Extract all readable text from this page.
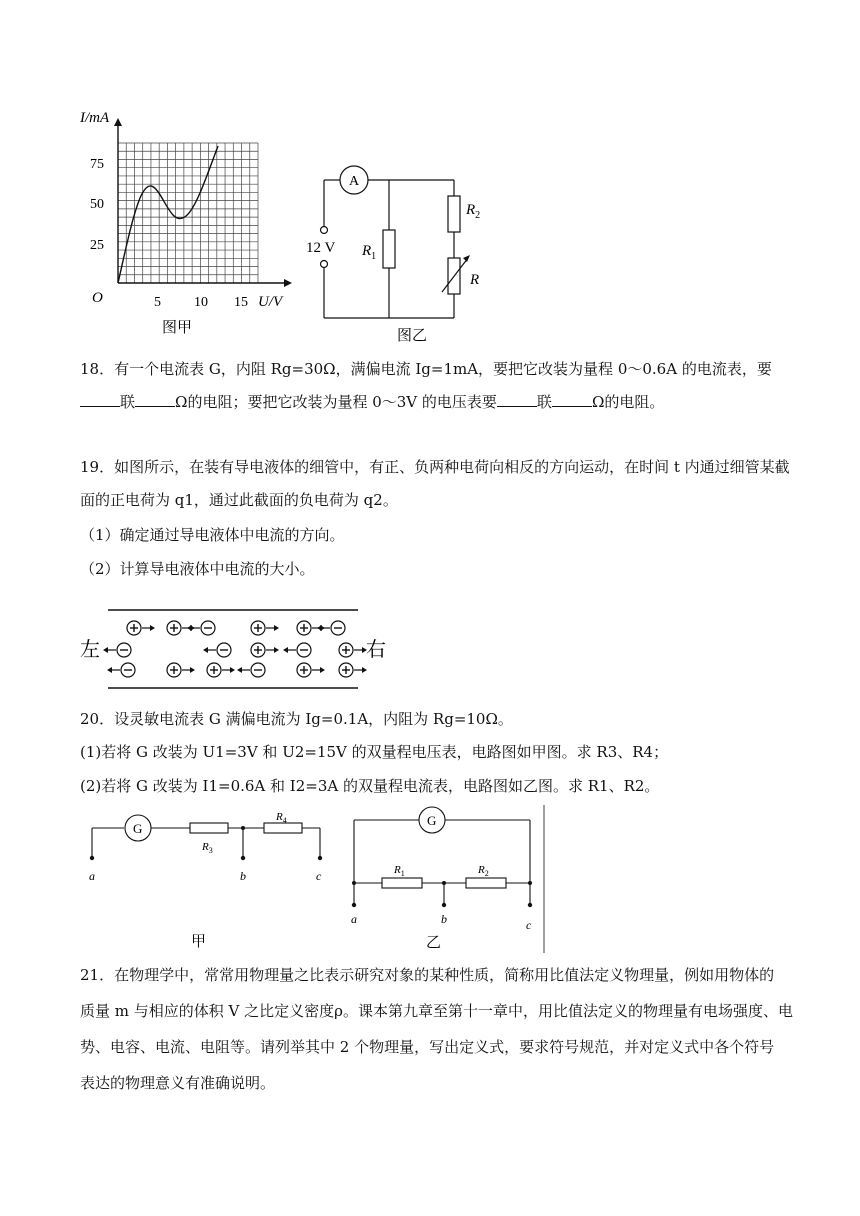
I/mA
U/V
O
25
50
75
5 10 15
图甲
A
12 V $R_1$
$R_2$
R
图乙
18．有一个电流表 G，内阻 Rg=30Ω，满偏电流 Ig=1mA，要把它改装为量程 0～0.6A 的电流表，要
联	Ω的电阻；要把它改装为量程 0～3V 的电压表要	联	Ω的电阻。
19．如图所示，在装有导电液体的细管中，有正、负两种电荷向相反的方向运动，在时间 t 内通过细管某截
面的正电荷为 q1，通过此截面的负电荷为 q2。
（1）确定通过导电液体中电流的方向。
（2）计算导电液体中电流的大小。
左	右
20．设灵敏电流表 G 满偏电流为 Ig=0.1A，内阻为 Rg=10Ω。
(1)若将 G 改装为 U1=3V 和 U2=15V 的双量程电压表，电路图如甲图。求 R3、R4；
(2)若将 G 改装为 I1=0.6A 和 I2=3A 的双量程电流表，电路图如乙图。求 R1、R2。
G
$R_3$
$R_4$
a	b	c
甲
G
$R_1$	$R_2$
a	b	c
乙
21．在物理学中，常常用物理量之比表示研究对象的某种性质，简称用比值法定义物理量，例如用物体的
质量 m 与相应的体积 V 之比定义密度ρ。课本第九章至第十一章中，用比值法定义的物理量有电场强度、电
势、电容、电流、电阻等。请列举其中 2 个物理量，写出定义式，要求符号规范，并对定义式中各个符号
表达的物理意义有准确说明。
